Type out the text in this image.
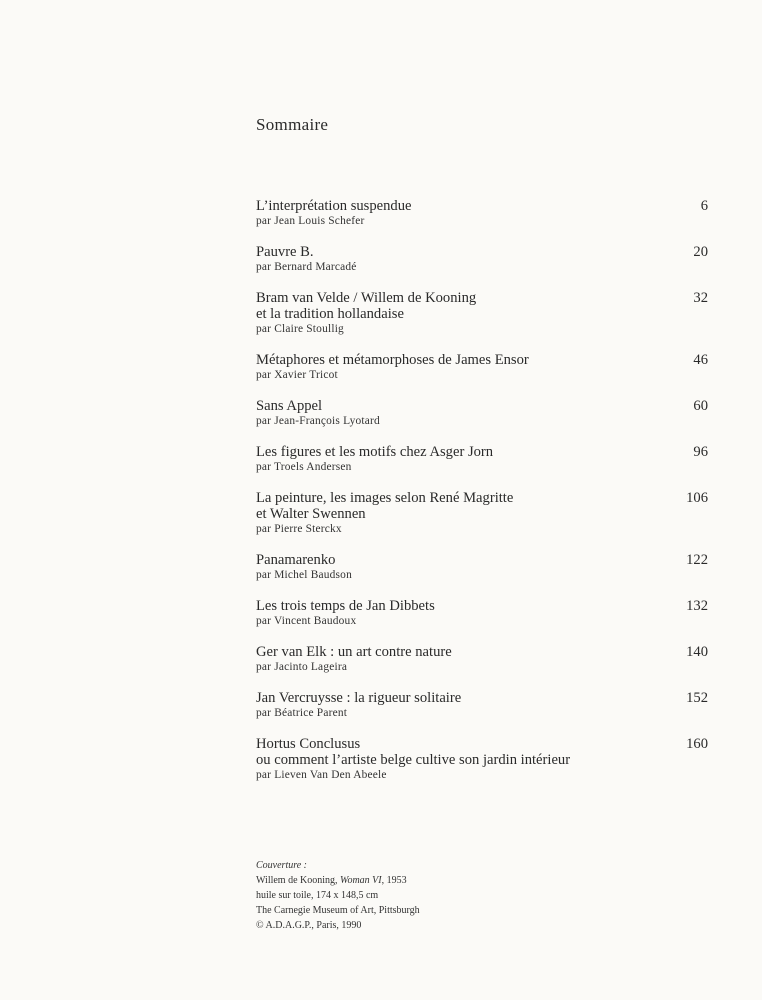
Sommaire
L’interprétation suspendue
par Jean Louis Schefer
6
Pauvre B.
par Bernard Marcadé
20
Bram van Velde / Willem de Kooning
et la tradition hollandaise
par Claire Stoullig
32
Métaphores et métamorphoses de James Ensor
par Xavier Tricot
46
Sans Appel
par Jean-François Lyotard
60
Les figures et les motifs chez Asger Jorn
par Troels Andersen
96
La peinture, les images selon René Magritte
et Walter Swennen
par Pierre Sterckx
106
Panamarenko
par Michel Baudson
122
Les trois temps de Jan Dibbets
par Vincent Baudoux
132
Ger van Elk : un art contre nature
par Jacinto Lageira
140
Jan Vercruysse : la rigueur solitaire
par Béatrice Parent
152
Hortus Conclusus
ou comment l’artiste belge cultive son jardin intérieur
par Lieven Van Den Abeele
160
Couverture :
Willem de Kooning, Woman VI, 1953
huile sur toile, 174 x 148,5 cm
The Carnegie Museum of Art, Pittsburgh
© A.D.A.G.P., Paris, 1990
